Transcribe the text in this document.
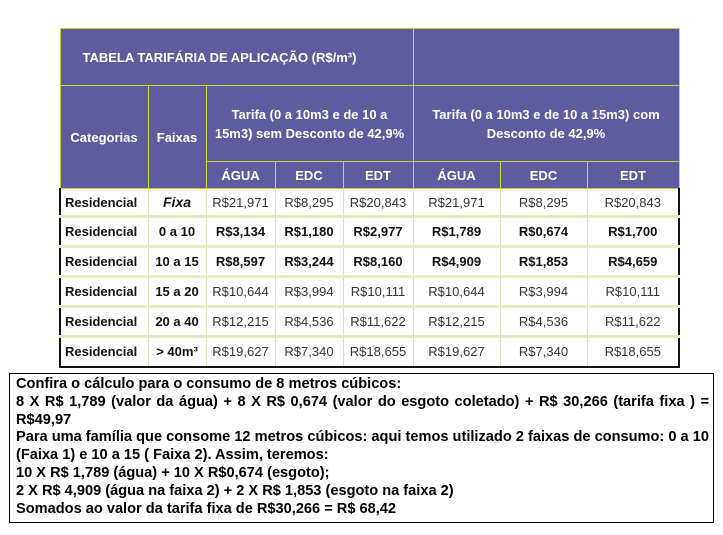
TABELA TARIFÁRIA DE APLICAÇÃO (R$/m³)							
Categorias	Faixas	Tarifa (0 a 10m3 e de 10 a 15m3) sem Desconto de 42,9%			Tarifa (0 a 10m3 e de 10 a 15m3) com Desconto de 42,9%		
		ÁGUA	EDC	EDT	ÁGUA	EDC	EDT
Residencial	Fixa	R$21,971	R$8,295	R$20,843	R$21,971	R$8,295	R$20,843
Residencial	0 a 10	R$3,134	R$1,180	R$2,977	R$1,789	R$0,674	R$1,700
Residencial	10 a 15	R$8,597	R$3,244	R$8,160	R$4,909	R$1,853	R$4,659
Residencial	15 a 20	R$10,644	R$3,994	R$10,111	R$10,644	R$3,994	R$10,111
Residencial	20 a 40	R$12,215	R$4,536	R$11,622	R$12,215	R$4,536	R$11,622
Residencial	> 40m³	R$19,627	R$7,340	R$18,655	R$19,627	R$7,340	R$18,655

Confira o cálculo para o consumo de 8 metros cúbicos:

8 X R$ 1,789 (valor da água) + 8 X R$ 0,674 (valor do esgoto coletado) + R$ 30,266 (tarifa fixa ) = R$49,97

Para uma família que consome 12 metros cúbicos: aqui temos utilizado 2 faixas de consumo: 0 a 10 (Faixa 1) e 10 a 15 ( Faixa 2). Assim, teremos:

10 X R$ 1,789 (água) + 10 X R$0,674 (esgoto);

2 X R$ 4,909 (água na faixa 2) + 2 X R$ 1,853 (esgoto na faixa 2)

Somados ao valor da tarifa fixa de R$30,266 = R$ 68,42
